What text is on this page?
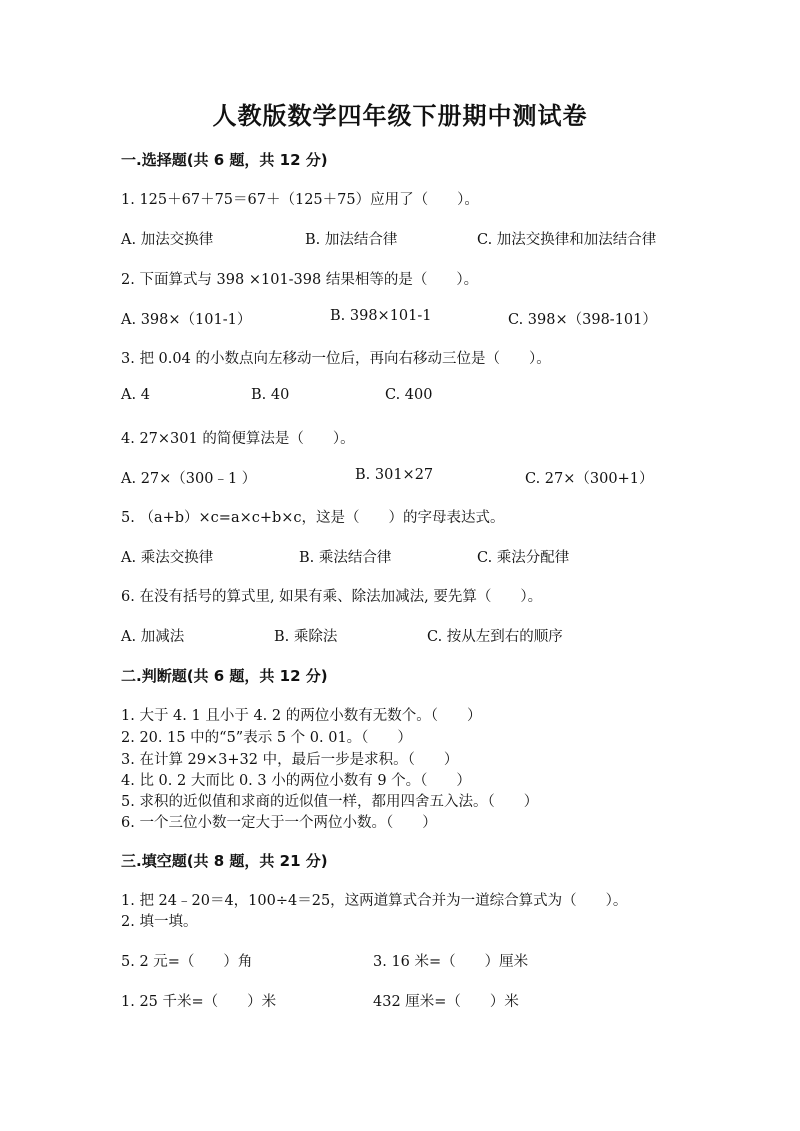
人教版数学四年级下册期中测试卷
一.选择题(共 6 题，共 12 分)
1. 125＋67＋75＝67＋（125＋75）应用了（　　）。
A. 加法交换律	B. 加法结合律	C. 加法交换律和加法结合律
2. 下面算式与 398 ×101-398 结果相等的是（　　）。
A. 398×（101-1）	B. 398×101-1	C. 398×（398-101）
3. 把 0.04 的小数点向左移动一位后，再向右移动三位是（　　）。
A. 4	B. 40	C. 400
4. 27×301 的简便算法是（　　）。
A. 27×（300﹣1 ）	B. 301×27	C. 27×（300+1）
5. （a+b）×c=a×c+b×c，这是（　　）的字母表达式。
A. 乘法交换律	B. 乘法结合律	C. 乘法分配律
6. 在没有括号的算式里, 如果有乘、除法加减法, 要先算（　　）。
A. 加减法	B. 乘除法	C. 按从左到右的顺序
二.判断题(共 6 题，共 12 分)
1. 大于 4. 1 且小于 4. 2 的两位小数有无数个。（　　）
2. 20. 15 中的“5”表示 5 个 0. 01。（　　）
3. 在计算 29×3+32 中，最后一步是求积。（　　）
4. 比 0. 2 大而比 0. 3 小的两位小数有 9 个。（　　）
5. 求积的近似值和求商的近似值一样，都用四舍五入法。（　　）
6. 一个三位小数一定大于一个两位小数。（　　）
三.填空题(共 8 题，共 21 分)
1. 把 24﹣20＝4，100÷4＝25，这两道算式合并为一道综合算式为（　　）。
2. 填一填。
5. 2 元=（　　）角	3. 16 米=（　　）厘米
1. 25 千米=（　　）米	432 厘米=（　　）米
